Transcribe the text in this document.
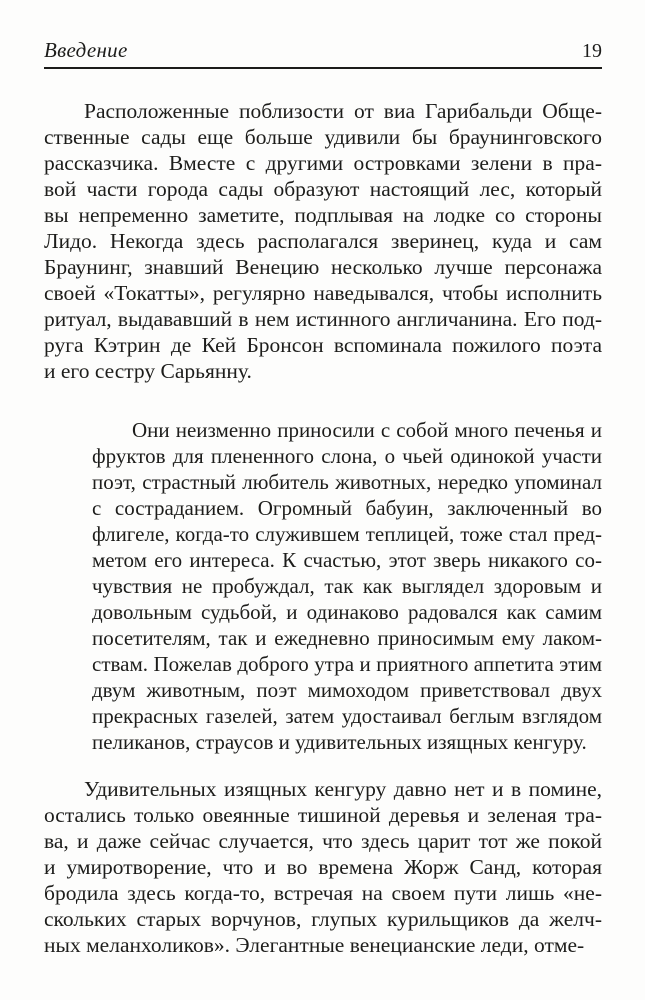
Введение	19
Расположенные поблизости от виа Гарибальди Обще-
ственные сады еще больше удивили бы браунинговского
рассказчика. Вместе с другими островками зелени в пра-
вой части города сады образуют настоящий лес, который
вы непременно заметите, подплывая на лодке со стороны
Лидо. Некогда здесь располагался зверинец, куда и сам
Браунинг, знавший Венецию несколько лучше персонажа
своей «Токатты», регулярно наведывался, чтобы исполнить
ритуал, выдававший в нем истинного англичанина. Его под-
руга Кэтрин де Кей Бронсон вспоминала пожилого поэта
и его сестру Сарьянну.
Они неизменно приносили с собой много печенья и
фруктов для плененного слона, о чьей одинокой участи
поэт, страстный любитель животных, нередко упоминал
с состраданием. Огромный бабуин, заключенный во
флигеле, когда-то служившем теплицей, тоже стал пред-
метом его интереса. К счастью, этот зверь никакого со-
чувствия не пробуждал, так как выглядел здоровым и
довольным судьбой, и одинаково радовался как самим
посетителям, так и ежедневно приносимым ему лаком-
ствам. Пожелав доброго утра и приятного аппетита этим
двум животным, поэт мимоходом приветствовал двух
прекрасных газелей, затем удостаивал беглым взглядом
пеликанов, страусов и удивительных изящных кенгуру.
Удивительных изящных кенгуру давно нет и в помине,
остались только овеянные тишиной деревья и зеленая тра-
ва, и даже сейчас случается, что здесь царит тот же покой
и умиротворение, что и во времена Жорж Санд, которая
бродила здесь когда-то, встречая на своем пути лишь «не-
скольких старых ворчунов, глупых курильщиков да желч-
ных меланхоликов». Элегантные венецианские леди, отме-
